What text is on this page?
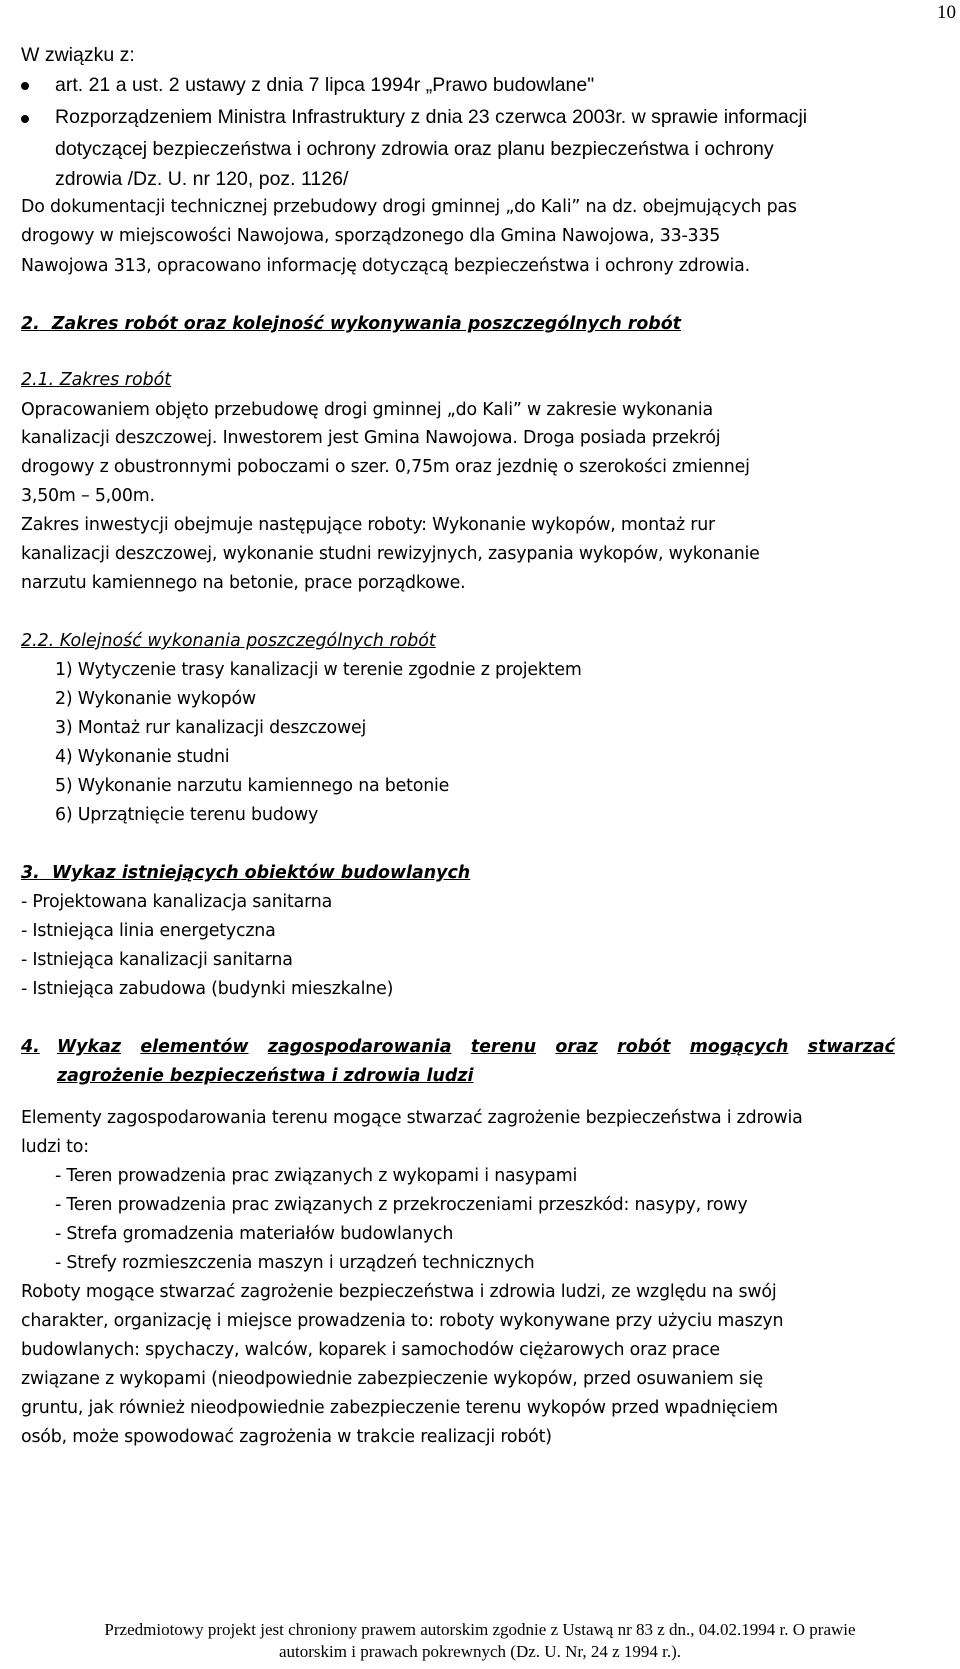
10
W związku z:
art. 21 a ust. 2 ustawy z dnia 7 lipca 1994r „Prawo budowlane"
Rozporządzeniem Ministra Infrastruktury z dnia 23 czerwca 2003r. w sprawie informacji
dotyczącej bezpieczeństwa i ochrony zdrowia oraz planu bezpieczeństwa i ochrony
zdrowia /Dz. U. nr 120, poz. 1126/
Do dokumentacji technicznej przebudowy drogi gminnej „do Kali” na dz. obejmujących pas
drogowy w miejscowości Nawojowa, sporządzonego dla Gmina Nawojowa, 33-335
Nawojowa 313, opracowano informację dotyczącą bezpieczeństwa i ochrony zdrowia.
2. Zakres robót oraz kolejność wykonywania poszczególnych robót
2.1. Zakres robót
Opracowaniem objęto przebudowę drogi gminnej „do Kali” w zakresie wykonania
kanalizacji deszczowej. Inwestorem jest Gmina Nawojowa. Droga posiada przekrój
drogowy z obustronnymi poboczami o szer. 0,75m oraz jezdnię o szerokości zmiennej
3,50m – 5,00m.
Zakres inwestycji obejmuje następujące roboty: Wykonanie wykopów, montaż rur
kanalizacji deszczowej, wykonanie studni rewizyjnych, zasypania wykopów, wykonanie
narzutu kamiennego na betonie, prace porządkowe.
2.2. Kolejność wykonania poszczególnych robót
1) Wytyczenie trasy kanalizacji w terenie zgodnie z projektem
2) Wykonanie wykopów
3) Montaż rur kanalizacji deszczowej
4) Wykonanie studni
5) Wykonanie narzutu kamiennego na betonie
6) Uprzątnięcie terenu budowy
3. Wykaz istniejących obiektów budowlanych
- Projektowana kanalizacja sanitarna
- Istniejąca linia energetyczna
- Istniejąca kanalizacji sanitarna
- Istniejąca zabudowa (budynki mieszkalne)
4. Wykaz elementów zagospodarowania terenu oraz robót mogących stwarzać
zagrożenie bezpieczeństwa i zdrowia ludzi
Elementy zagospodarowania terenu mogące stwarzać zagrożenie bezpieczeństwa i zdrowia
ludzi to:
- Teren prowadzenia prac związanych z wykopami i nasypami
- Teren prowadzenia prac związanych z przekroczeniami przeszkód: nasypy, rowy
- Strefa gromadzenia materiałów budowlanych
- Strefy rozmieszczenia maszyn i urządzeń technicznych
Roboty mogące stwarzać zagrożenie bezpieczeństwa i zdrowia ludzi, ze względu na swój
charakter, organizację i miejsce prowadzenia to: roboty wykonywane przy użyciu maszyn
budowlanych: spychaczy, walców, koparek i samochodów ciężarowych oraz prace
związane z wykopami (nieodpowiednie zabezpieczenie wykopów, przed osuwaniem się
gruntu, jak również nieodpowiednie zabezpieczenie terenu wykopów przed wpadnięciem
osób, może spowodować zagrożenia w trakcie realizacji robót)
Przedmiotowy projekt jest chroniony prawem autorskim zgodnie z Ustawą nr 83 z dn., 04.02.1994 r. O prawie
autorskim i prawach pokrewnych (Dz. U. Nr, 24 z 1994 r.).
